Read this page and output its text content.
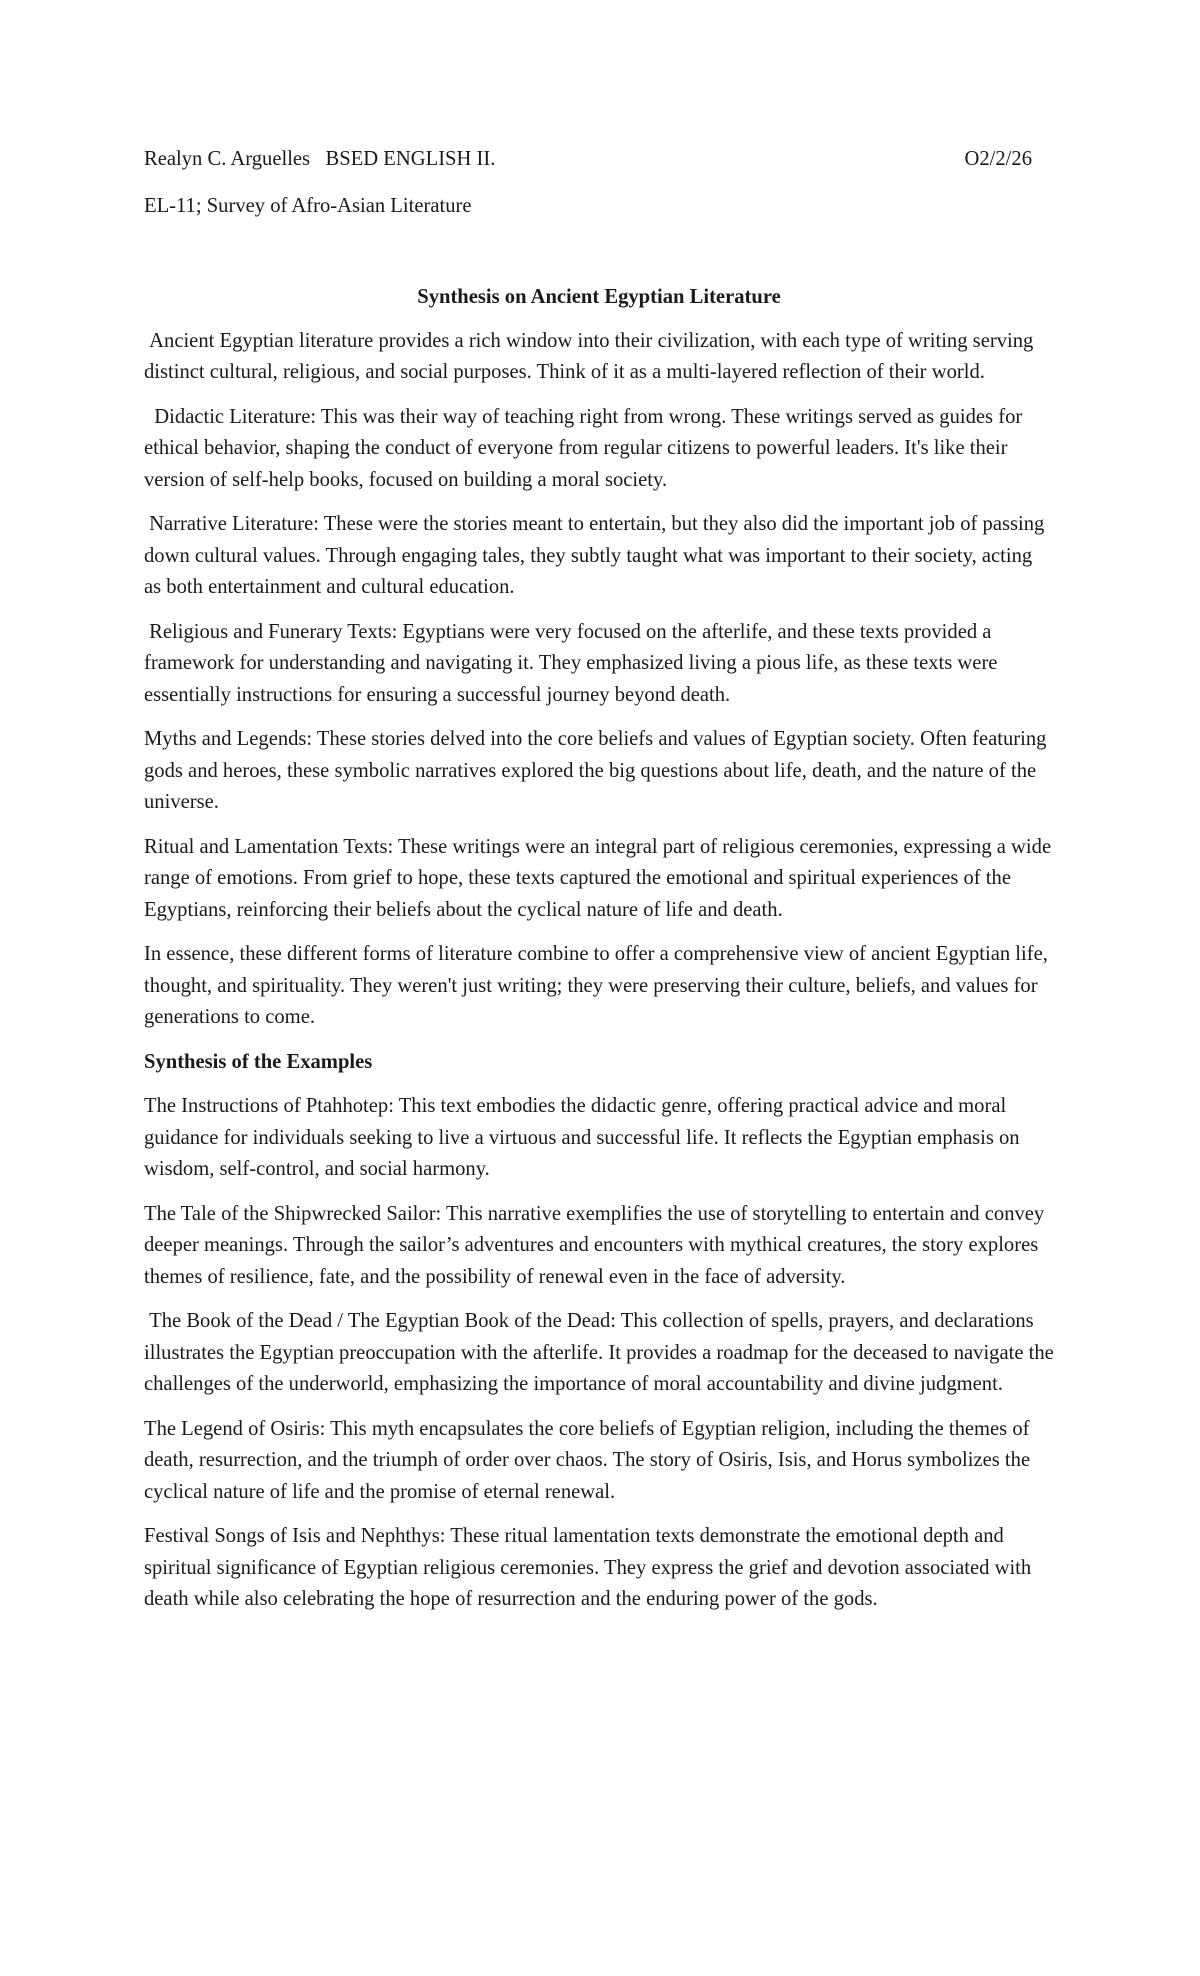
Realyn C. Arguelles   BSED ENGLISH II.	O2/2/26
EL-11; Survey of Afro-Asian Literature
Synthesis on Ancient Egyptian Literature

Ancient Egyptian literature provides a rich window into their civilization, with each type of writing serving distinct cultural, religious, and social purposes. Think of it as a multi-layered reflection of their world.

Didactic Literature: This was their way of teaching right from wrong. These writings served as guides for ethical behavior, shaping the conduct of everyone from regular citizens to powerful leaders. It's like their version of self-help books, focused on building a moral society.

Narrative Literature: These were the stories meant to entertain, but they also did the important job of passing down cultural values. Through engaging tales, they subtly taught what was important to their society, acting as both entertainment and cultural education.

Religious and Funerary Texts: Egyptians were very focused on the afterlife, and these texts provided a framework for understanding and navigating it. They emphasized living a pious life, as these texts were essentially instructions for ensuring a successful journey beyond death.

Myths and Legends: These stories delved into the core beliefs and values of Egyptian society. Often featuring gods and heroes, these symbolic narratives explored the big questions about life, death, and the nature of the universe.

Ritual and Lamentation Texts: These writings were an integral part of religious ceremonies, expressing a wide range of emotions. From grief to hope, these texts captured the emotional and spiritual experiences of the Egyptians, reinforcing their beliefs about the cyclical nature of life and death.

In essence, these different forms of literature combine to offer a comprehensive view of ancient Egyptian life, thought, and spirituality. They weren't just writing; they were preserving their culture, beliefs, and values for generations to come.

Synthesis of the Examples

The Instructions of Ptahhotep: This text embodies the didactic genre, offering practical advice and moral guidance for individuals seeking to live a virtuous and successful life. It reflects the Egyptian emphasis on wisdom, self-control, and social harmony.

The Tale of the Shipwrecked Sailor: This narrative exemplifies the use of storytelling to entertain and convey deeper meanings. Through the sailor’s adventures and encounters with mythical creatures, the story explores themes of resilience, fate, and the possibility of renewal even in the face of adversity.

The Book of the Dead / The Egyptian Book of the Dead: This collection of spells, prayers, and declarations illustrates the Egyptian preoccupation with the afterlife. It provides a roadmap for the deceased to navigate the challenges of the underworld, emphasizing the importance of moral accountability and divine judgment.

The Legend of Osiris: This myth encapsulates the core beliefs of Egyptian religion, including the themes of death, resurrection, and the triumph of order over chaos. The story of Osiris, Isis, and Horus symbolizes the cyclical nature of life and the promise of eternal renewal.

Festival Songs of Isis and Nephthys: These ritual lamentation texts demonstrate the emotional depth and spiritual significance of Egyptian religious ceremonies. They express the grief and devotion associated with death while also celebrating the hope of resurrection and the enduring power of the gods.
